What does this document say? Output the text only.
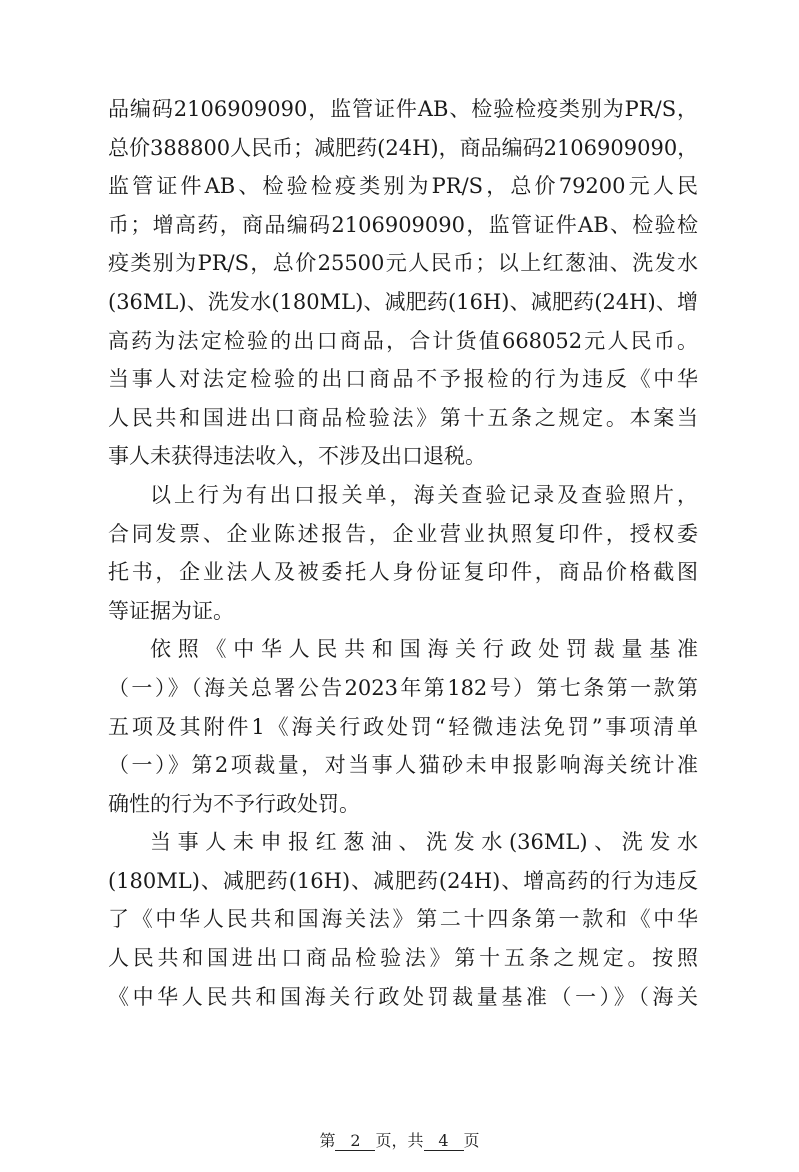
品编码2106909090，监管证件AB、检验检疫类别为PR/S，
总价388800人民币；减肥药(24H)，商品编码2106909090，
监管证件AB、检验检疫类别为PR/S，总价79200元人民
币；增高药，商品编码2106909090，监管证件AB、检验检
疫类别为PR/S，总价25500元人民币；以上红葱油、洗发水
(36ML)、洗发水(180ML)、减肥药(16H)、减肥药(24H)、增
高药为法定检验的出口商品，合计货值668052元人民币。
当事人对法定检验的出口商品不予报检的行为违反《中华
人民共和国进出口商品检验法》第十五条之规定。本案当
事人未获得违法收入，不涉及出口退税。
以上行为有出口报关单，海关查验记录及查验照片，
合同发票、企业陈述报告，企业营业执照复印件，授权委
托书，企业法人及被委托人身份证复印件，商品价格截图
等证据为证。
依照《中华人民共和国海关行政处罚裁量基准
（一）》（海关总署公告2023年第182号）第七条第一款第
五项及其附件1《海关行政处罚“轻微违法免罚”事项清单
（一）》第2项裁量，对当事人猫砂未申报影响海关统计准
确性的行为不予行政处罚。
当事人未申报红葱油、洗发水(36ML)、洗发水
(180ML)、减肥药(16H)、减肥药(24H)、增高药的行为违反
了《中华人民共和国海关法》第二十四条第一款和《中华
人民共和国进出口商品检验法》第十五条之规定。按照
《中华人民共和国海关行政处罚裁量基准（一）》（海关
第 2 页，共 4 页
